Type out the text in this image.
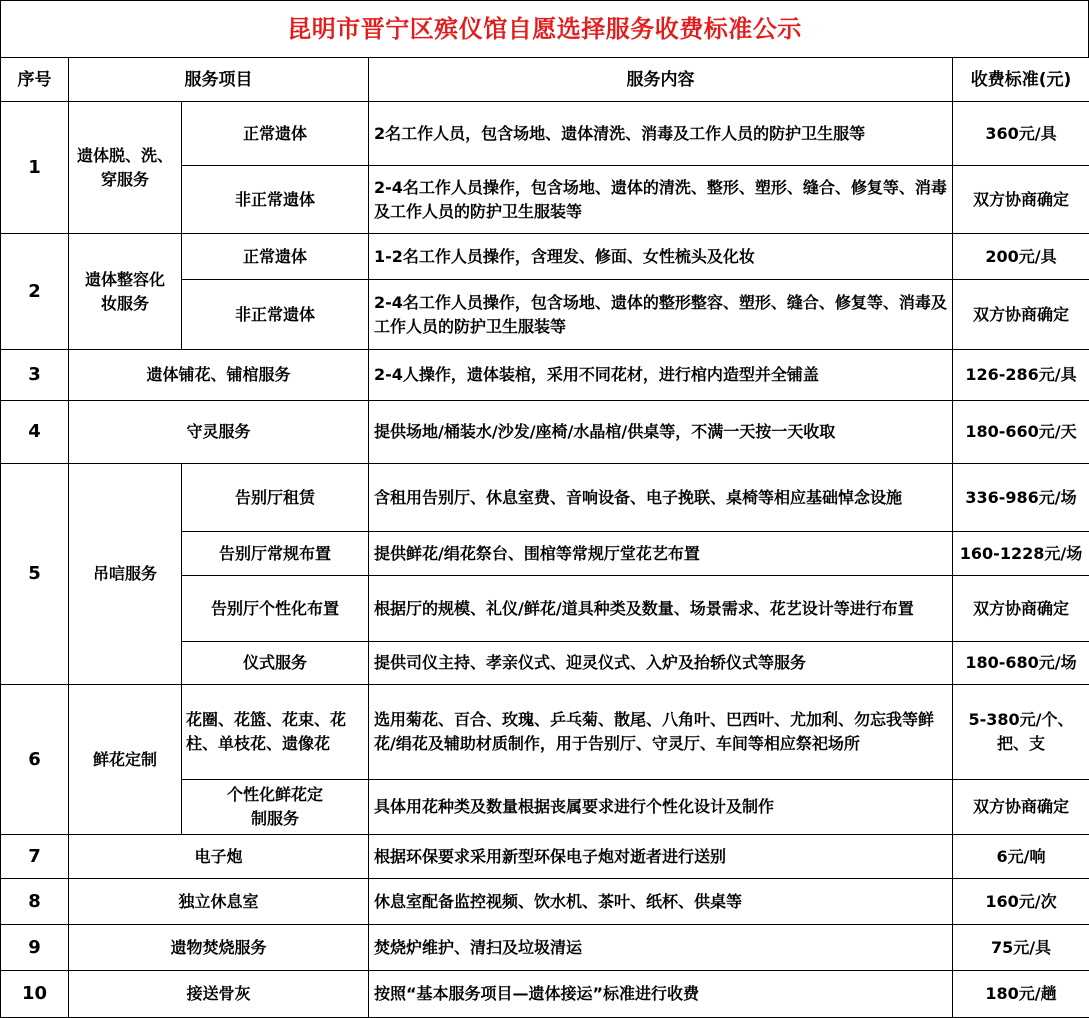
昆明市晋宁区殡仪馆自愿选择服务收费标准公示
序号	服务项目		服务内容	收费标准(元)
1	遗体脱、洗、穿服务	正常遗体	2名工作人员，包含场地、遗体清洗、消毒及工作人员的防护卫生服等	360元/具
		非正常遗体	2-4名工作人员操作，包含场地、遗体的清洗、整形、塑形、缝合、修复等、消毒及工作人员的防护卫生服装等	双方协商确定
2	遗体整容化妆服务	正常遗体	1-2名工作人员操作，含理发、修面、女性梳头及化妆	200元/具
		非正常遗体	2-4名工作人员操作，包含场地、遗体的整形整容、塑形、缝合、修复等、消毒及工作人员的防护卫生服装等	双方协商确定
3	遗体铺花、铺棺服务		2-4人操作，遗体装棺，采用不同花材，进行棺内造型并全铺盖	126-286元/具
4	守灵服务		提供场地/桶装水/沙发/座椅/水晶棺/供桌等，不满一天按一天收取	180-660元/天
5	吊唁服务	告别厅租赁	含租用告别厅、休息室费、音响设备、电子挽联、桌椅等相应基础悼念设施	336-986元/场
		告别厅常规布置	提供鲜花/绢花祭台、围棺等常规厅堂花艺布置	160-1228元/场
		告别厅个性化布置	根据厅的规模、礼仪/鲜花/道具种类及数量、场景需求、花艺设计等进行布置	双方协商确定
		仪式服务	提供司仪主持、孝亲仪式、迎灵仪式、入炉及抬轿仪式等服务	180-680元/场
6	鲜花定制	花圈、花篮、花束、花柱、单枝花、遗像花	选用菊花、百合、玫瑰、乒乓菊、散尾、八角叶、巴西叶、尤加利、勿忘我等鲜花/绢花及辅助材质制作，用于告别厅、守灵厅、车间等相应祭祀场所	5-380元/个、把、支
		个性化鲜花定制服务	具体用花种类及数量根据丧属要求进行个性化设计及制作	双方协商确定
7	电子炮		根据环保要求采用新型环保电子炮对逝者进行送别	6元/响
8	独立休息室		休息室配备监控视频、饮水机、茶叶、纸杯、供桌等	160元/次
9	遗物焚烧服务		焚烧炉维护、清扫及垃圾清运	75元/具
10	接送骨灰		按照“基本服务项目—遗体接运”标准进行收费	180元/趟
